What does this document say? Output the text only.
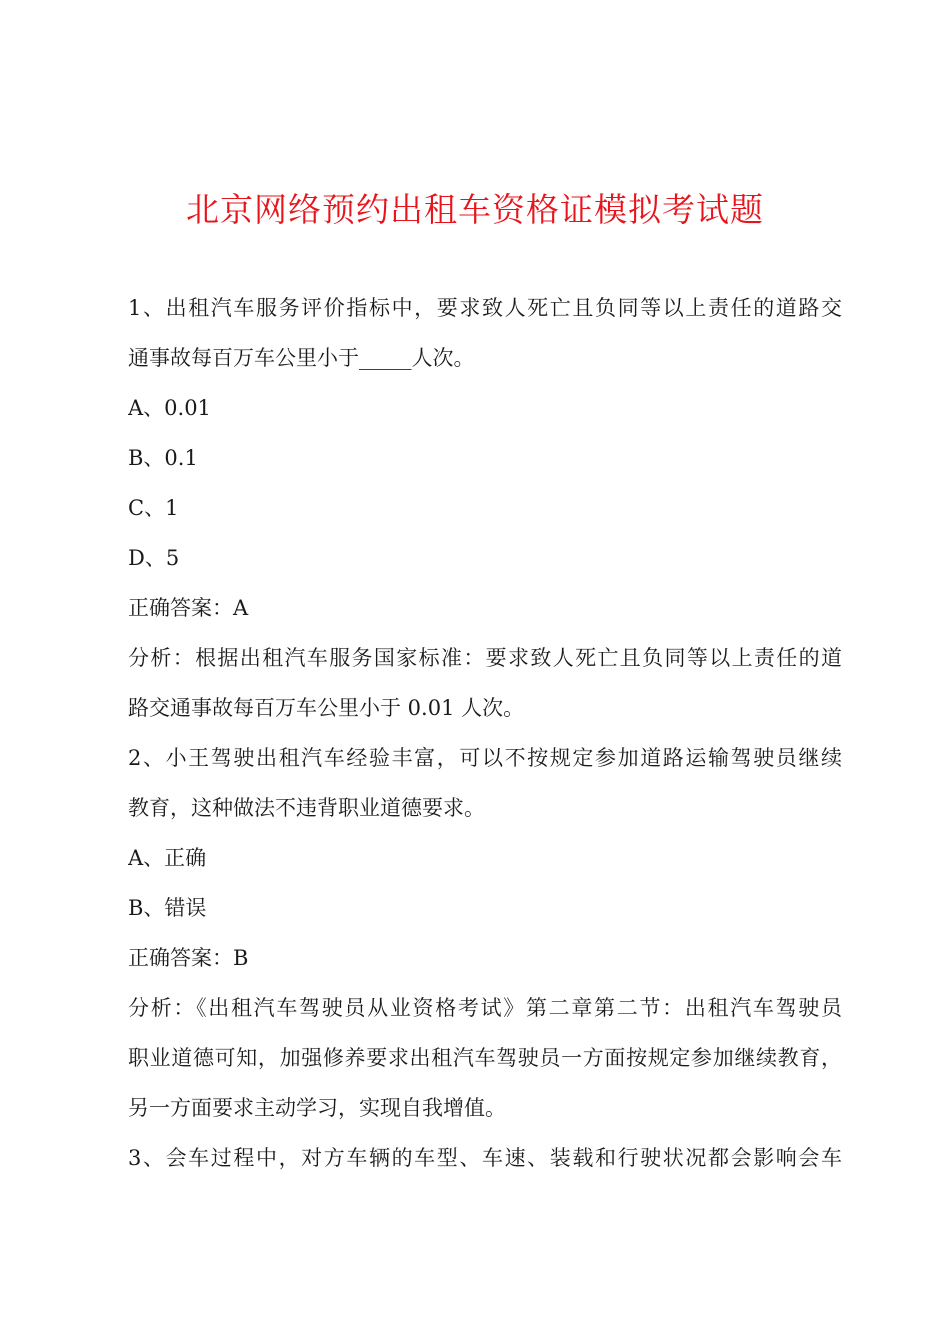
北京网络预约出租车资格证模拟考试题
1、出租汽车服务评价指标中，要求致人死亡且负同等以上责任的道路交
通事故每百万车公里小于_____人次。
A、0.01
B、0.1
C、1
D、5
正确答案：A
分析：根据出租汽车服务国家标准：要求致人死亡且负同等以上责任的道
路交通事故每百万车公里小于 0.01 人次。
2、小王驾驶出租汽车经验丰富，可以不按规定参加道路运输驾驶员继续
教育，这种做法不违背职业道德要求。
A、正确
B、错误
正确答案：B
分析：《出租汽车驾驶员从业资格考试》第二章第二节：出租汽车驾驶员
职业道德可知，加强修养要求出租汽车驾驶员一方面按规定参加继续教育，
另一方面要求主动学习，实现自我增值。
3、会车过程中，对方车辆的车型、车速、装载和行驶状况都会影响会车
